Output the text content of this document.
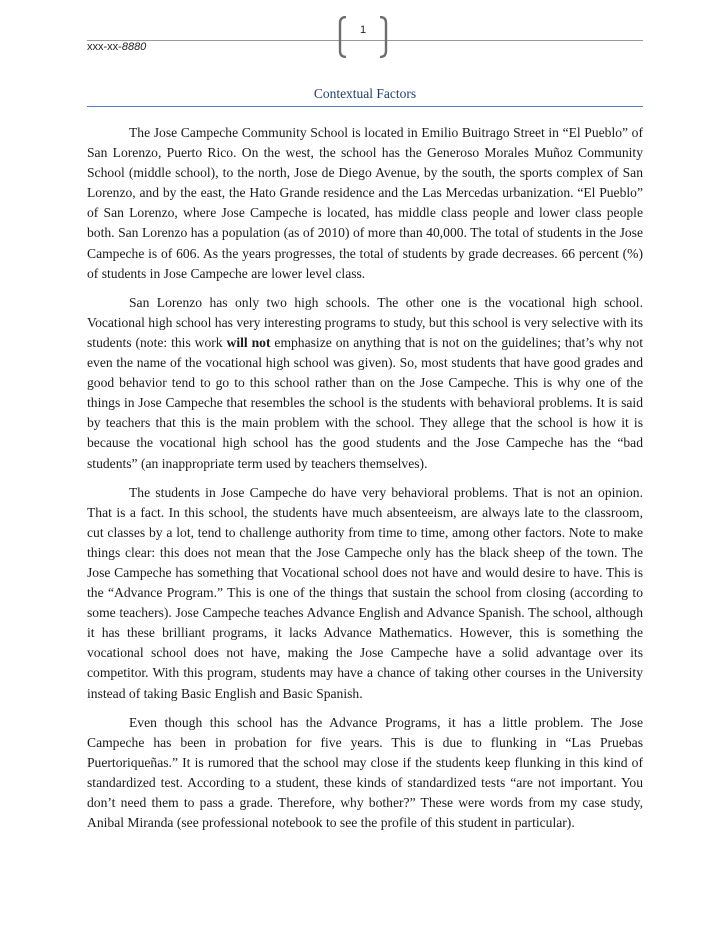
xxx-xx-8880
1
Contextual Factors

The Jose Campeche Community School is located in Emilio Buitrago Street in “El Pueblo” of San Lorenzo, Puerto Rico. On the west, the school has the Generoso Morales Muñoz Community School (middle school), to the north, Jose de Diego Avenue, by the south, the sports complex of San Lorenzo, and by the east, the Hato Grande residence and the Las Mercedas urbanization. “El Pueblo” of San Lorenzo, where Jose Campeche is located, has middle class people and lower class people both. San Lorenzo has a population (as of 2010) of more than 40,000. The total of students in the Jose Campeche is of 606. As the years progresses, the total of students by grade decreases. 66 percent (%) of students in Jose Campeche are lower level class.

San Lorenzo has only two high schools. The other one is the vocational high school. Vocational high school has very interesting programs to study, but this school is very selective with its students (note: this work will not emphasize on anything that is not on the guidelines; that’s why not even the name of the vocational high school was given). So, most students that have good grades and good behavior tend to go to this school rather than on the Jose Campeche. This is why one of the things in Jose Campeche that resembles the school is the students with behavioral problems. It is said by teachers that this is the main problem with the school. They allege that the school is how it is because the vocational high school has the good students and the Jose Campeche has the “bad students” (an inappropriate term used by teachers themselves).

The students in Jose Campeche do have very behavioral problems. That is not an opinion. That is a fact. In this school, the students have much absenteeism, are always late to the classroom, cut classes by a lot, tend to challenge authority from time to time, among other factors. Note to make things clear: this does not mean that the Jose Campeche only has the black sheep of the town. The Jose Campeche has something that Vocational school does not have and would desire to have. This is the “Advance Program.” This is one of the things that sustain the school from closing (according to some teachers). Jose Campeche teaches Advance English and Advance Spanish. The school, although it has these brilliant programs, it lacks Advance Mathematics. However, this is something the vocational school does not have, making the Jose Campeche have a solid advantage over its competitor. With this program, students may have a chance of taking other courses in the University instead of taking Basic English and Basic Spanish.

Even though this school has the Advance Programs, it has a little problem. The Jose Campeche has been in probation for five years. This is due to flunking in “Las Pruebas Puertoriqueñas.” It is rumored that the school may close if the students keep flunking in this kind of standardized test. According to a student, these kinds of standardized tests “are not important. You don’t need them to pass a grade. Therefore, why bother?” These were words from my case study, Anibal Miranda (see professional notebook to see the profile of this student in particular).
